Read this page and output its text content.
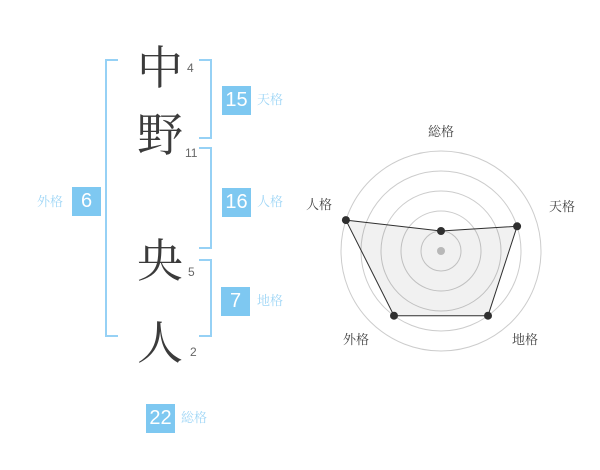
中
野
央
人
4
11
5
2
15 天格
16 人格
7	地格
外格 6
22 総格
総格
天格
地格
外格
人格
